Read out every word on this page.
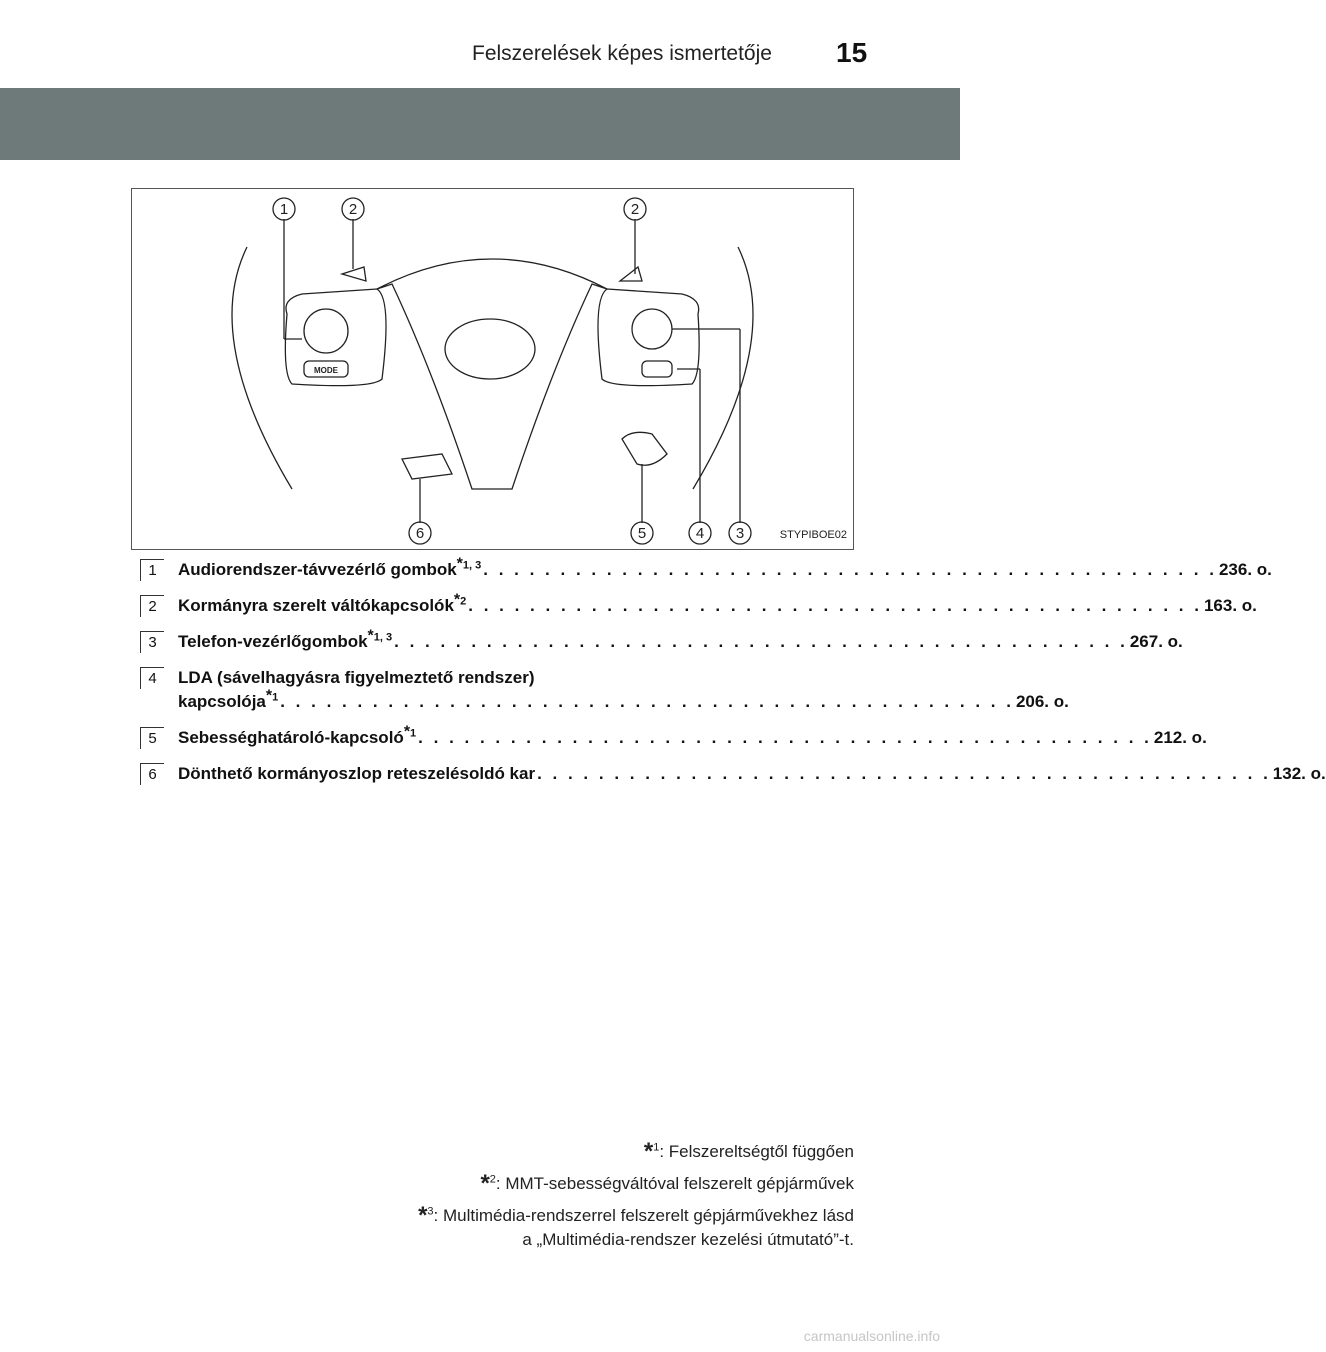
Felszerelések képes ismertetője 15
1	2	2
6	5	4 3
MODE
STYPIBOE02
1	Audiorendszer-távvezérlő gombok$^{*1, 3}$ . . . . . . . . . . . . . . . . . . . . . . . . . . . . . . . . . . . . . . . . . . . . . . . . 236. o.
2	Kormányra szerelt váltókapcsolók$^{*2}$ . . . . . . . . . . . . . . . . . . . . . . . . . . . . . . . . . . . . . . . . . . . . . . . . 163. o.
3	Telefon-vezérlőgombok$^{*1, 3}$ . . . . . . . . . . . . . . . . . . . . . . . . . . . . . . . . . . . . . . . . . . . . . . . . 267. o.
4	LDA (sávelhagyásra figyelmeztető rendszer)
kapcsolója$^{*1}$ . . . . . . . . . . . . . . . . . . . . . . . . . . . . . . . . . . . . . . . . . . . . . . . . 206. o.
5	Sebességhatároló-kapcsoló$^{*1}$ . . . . . . . . . . . . . . . . . . . . . . . . . . . . . . . . . . . . . . . . . . . . . . . . 212. o.
6	Dönthető kormányoszlop reteszelésoldó kar . . . . . . . . . . . . . . . . . . . . . . . . . . . . . . . . . . . . . . . . . . . . . . . . 132. o.
*$^1$: Felszereltségtől függően
*$^2$: MMT-sebességváltóval felszerelt gépjárművek
*$^3$: Multimédia-rendszerrel felszerelt gépjárművekhez lásd
a „Multimédia-rendszer kezelési útmutató”-t.
carmanualsonline.info
